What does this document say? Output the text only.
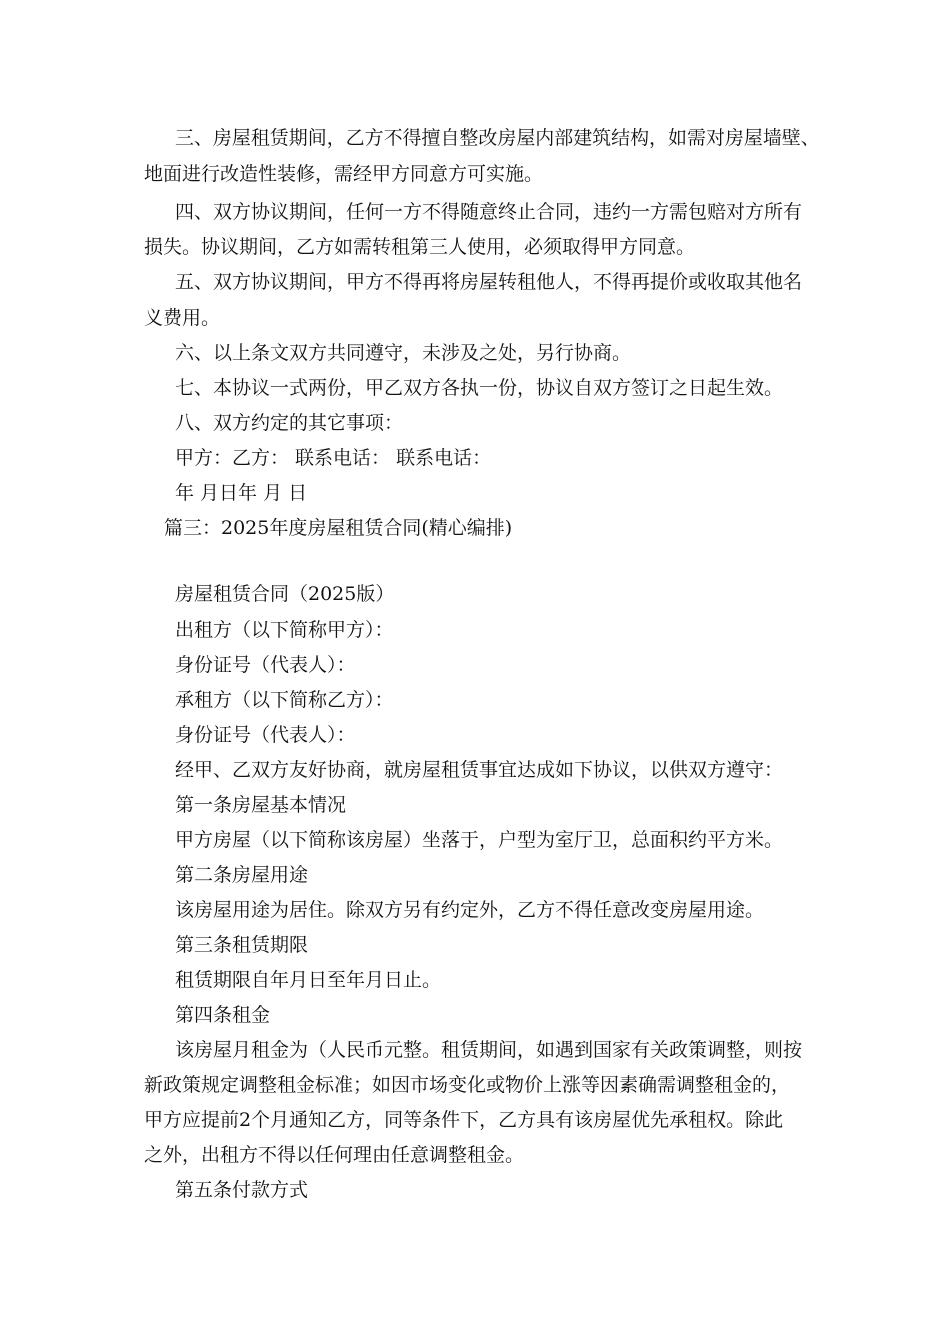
三、房屋租赁期间，乙方不得擅自整改房屋内部建筑结构，如需对房屋墙壁、
地面进行改造性装修，需经甲方同意方可实施。
四、双方协议期间，任何一方不得随意终止合同，违约一方需包赔对方所有
损失。协议期间，乙方如需转租第三人使用，必须取得甲方同意。
五、双方协议期间，甲方不得再将房屋转租他人，不得再提价或收取其他名
义费用。
六、以上条文双方共同遵守，未涉及之处，另行协商。
七、本协议一式两份，甲乙双方各执一份，协议自双方签订之日起生效。
八、双方约定的其它事项：
甲方：乙方： 联系电话： 联系电话：
年 月日年 月 日
篇三：2025年度房屋租赁合同(精心编排)
房屋租赁合同（2025版）
出租方（以下简称甲方）：
身份证号（代表人）：
承租方（以下简称乙方）：
身份证号（代表人）：
经甲、乙双方友好协商，就房屋租赁事宜达成如下协议，以供双方遵守：
第一条房屋基本情况
甲方房屋（以下简称该房屋）坐落于，户型为室厅卫，总面积约平方米。
第二条房屋用途
该房屋用途为居住。除双方另有约定外，乙方不得任意改变房屋用途。
第三条租赁期限
租赁期限自年月日至年月日止。
第四条租金
该房屋月租金为（人民币元整。租赁期间，如遇到国家有关政策调整，则按
新政策规定调整租金标准；如因市场变化或物价上涨等因素确需调整租金的，
甲方应提前2个月通知乙方，同等条件下，乙方具有该房屋优先承租权。除此
之外，出租方不得以任何理由任意调整租金。
第五条付款方式
